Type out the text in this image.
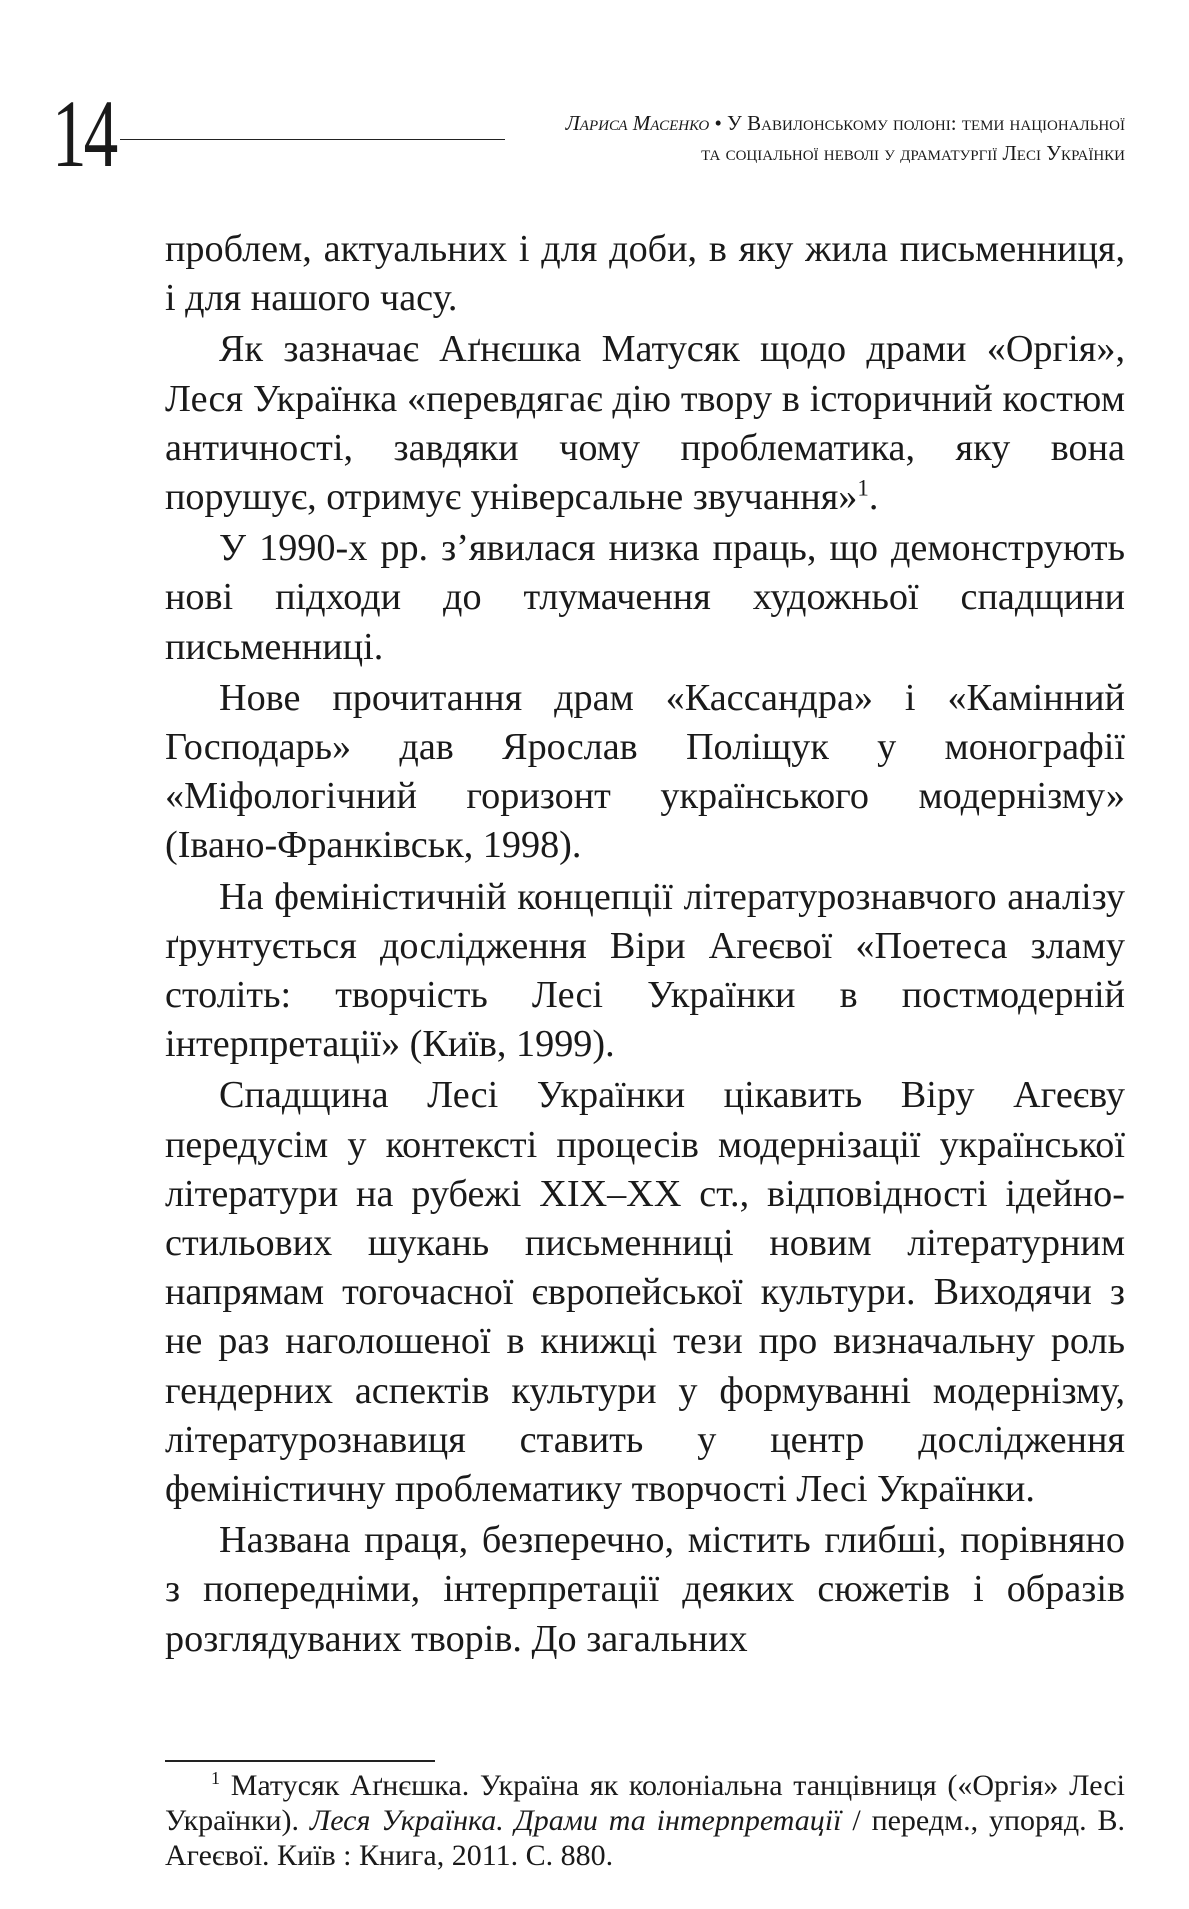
14	Лариса Масенко • У Вавилонському полоні: теми національної
та соціальної неволі у драматургії Лесі Українки

проблем, актуальних і для доби, в яку жила письменниця, і для нашого часу.

Як зазначає Аґнєшка Матусяк щодо драми «Оргія», Леся Українка «перевдягає дію твору в історичний костюм античності, завдяки чому проблематика, яку вона порушує, отримує універсальне звучання»$^1$.

У 1990-х рр. з’явилася низка праць, що демонструють нові підходи до тлумачення художньої спадщини письменниці.

Нове прочитання драм «Кассандра» і «Камінний Господарь» дав Ярослав Поліщук у монографії «Міфологічний горизонт українського модернізму» (Івано-Франківськ, 1998).

На феміністичній концепції літературознавчого аналізу ґрунтується дослідження Віри Агеєвої «Поетеса зламу століть: творчість Лесі Українки в постмодерній інтерпретації» (Київ, 1999).

Спадщина Лесі Українки цікавить Віру Агеєву передусім у контексті процесів модернізації української літератури на рубежі XIX–XX ст., відповідності ідейно-стильових шукань письменниці новим літературним напрямам тогочасної європейської культури. Виходячи з не раз наголошеної в книжці тези про визначальну роль гендерних аспектів культури у формуванні модернізму, літературознавиця ставить у центр дослідження феміністичну проблематику творчості Лесі Українки.

Названа праця, безперечно, містить глибші, порівняно з попередніми, інтерпретації деяких сюжетів і образів розглядуваних творів. До загальних

$^1$ Матусяк Аґнєшка. Україна як колоніальна танцівниця («Оргія» Лесі Українки). Леся Українка. Драми та інтерпретації / передм., упоряд. В. Агеєвої. Київ : Книга, 2011. С. 880.
